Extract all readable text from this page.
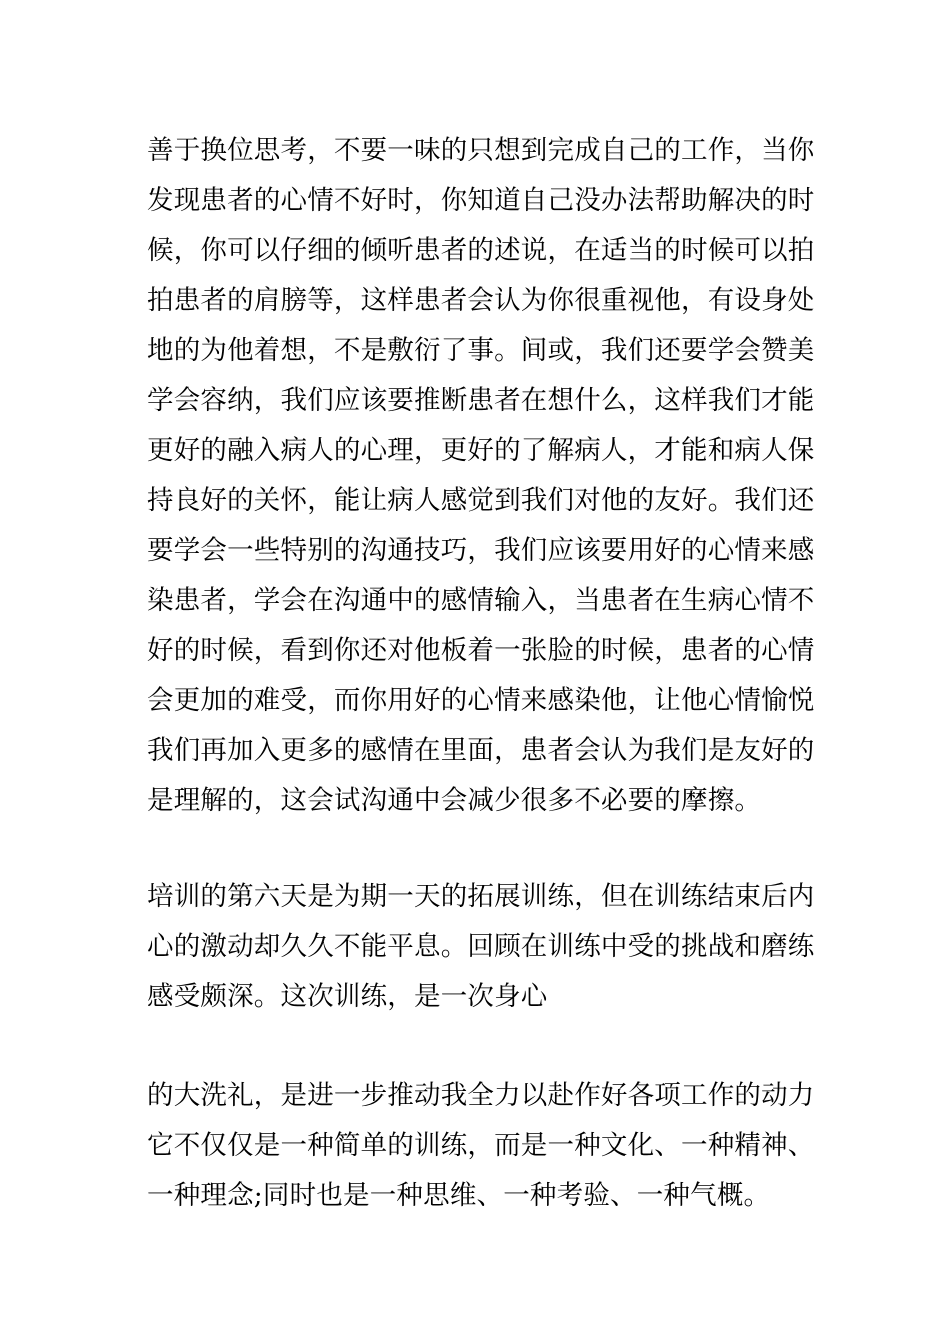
善于换位思考，不要一味的只想到完成自己的工作，当你
发现患者的心情不好时，你知道自己没办法帮助解决的时
候，你可以仔细的倾听患者的述说，在适当的时候可以拍
拍患者的肩膀等，这样患者会认为你很重视他，有设身处
地的为他着想，不是敷衍了事。间或，我们还要学会赞美
学会容纳，我们应该要推断患者在想什么，这样我们才能
更好的融入病人的心理，更好的了解病人，才能和病人保
持良好的关怀，能让病人感觉到我们对他的友好。我们还
要学会一些特别的沟通技巧，我们应该要用好的心情来感
染患者，学会在沟通中的感情输入，当患者在生病心情不
好的时候，看到你还对他板着一张脸的时候，患者的心情
会更加的难受，而你用好的心情来感染他，让他心情愉悦
我们再加入更多的感情在里面，患者会认为我们是友好的
是理解的，这会试沟通中会减少很多不必要的摩擦。
培训的第六天是为期一天的拓展训练，但在训练结束后内
心的激动却久久不能平息。回顾在训练中受的挑战和磨练
感受颇深。这次训练，是一次身心
的大洗礼，是进一步推动我全力以赴作好各项工作的动力
它不仅仅是一种简单的训练，而是一种文化、一种精神、
一种理念;同时也是一种思维、一种考验、一种气概。
